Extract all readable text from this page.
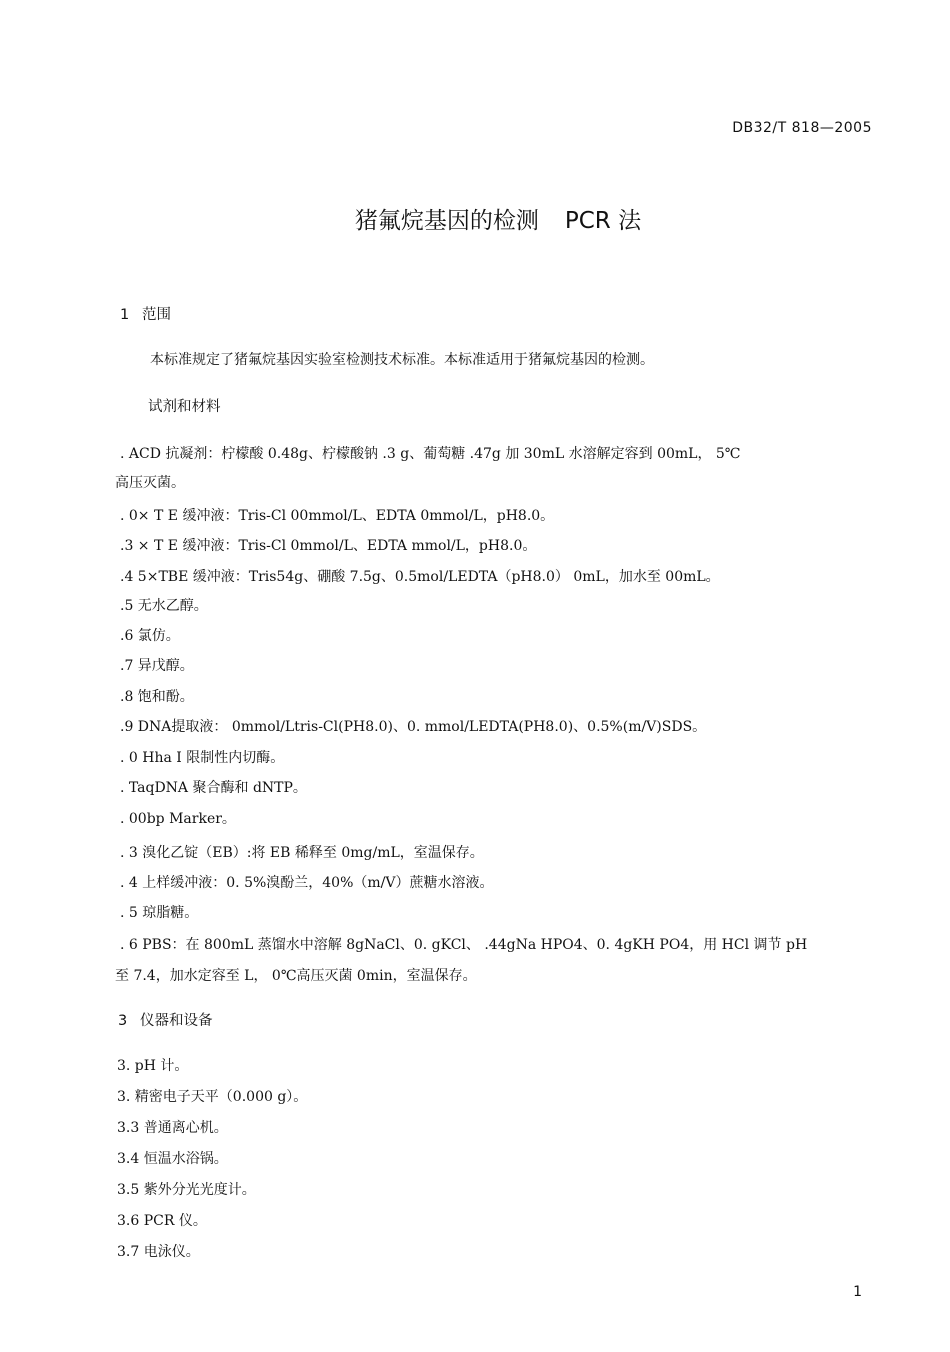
DB32/T 818—2005
猪氟烷基因的检测 PCR 法
1 范围
本标准规定了猪氟烷基因实验室检测技术标准。本标准适用于猪氟烷基因的检测。
试剂和材料
. ACD 抗凝剂：柠檬酸 0.48g、柠檬酸钠 .3 g、葡萄糖 .47g 加 30mL 水溶解定容到 00mL， 5℃
高压灭菌。
. 0× T E 缓冲液：Tris-Cl 00mmol/L、EDTA 0mmol/L，pH8.0。
.3 × T E 缓冲液：Tris-Cl 0mmol/L、EDTA mmol/L，pH8.0。
.4 5×TBE 缓冲液：Tris54g、硼酸 7.5g、0.5mol/LEDTA（pH8.0） 0mL，加水至 00mL。
.5 无水乙醇。
.6 氯仿。
.7 异戊醇。
.8 饱和酚。
.9 DNA提取液： 0mmol/Ltris-Cl(PH8.0)、0. mmol/LEDTA(PH8.0)、0.5%(m/V)SDS。
. 0 Hha I 限制性内切酶。
. TaqDNA 聚合酶和 dNTP。
. 00bp Marker。
. 3 溴化乙锭（EB）:将 EB 稀释至 0mg/mL，室温保存。
. 4 上样缓冲液：0. 5%溴酚兰，40%（m/V）蔗糖水溶液。
. 5 琼脂糖。
. 6 PBS：在 800mL 蒸馏水中溶解 8gNaCl、0. gKCl、 .44gNa HPO4、0. 4gKH PO4，用 HCl 调节 pH
至 7.4，加水定容至 L， 0℃高压灭菌 0min，室温保存。
3 仪器和设备
3. pH 计。
3. 精密电子天平（0.000 g）。
3.3 普通离心机。
3.4 恒温水浴锅。
3.5 紫外分光光度计。
3.6 PCR 仪。
3.7 电泳仪。
1
